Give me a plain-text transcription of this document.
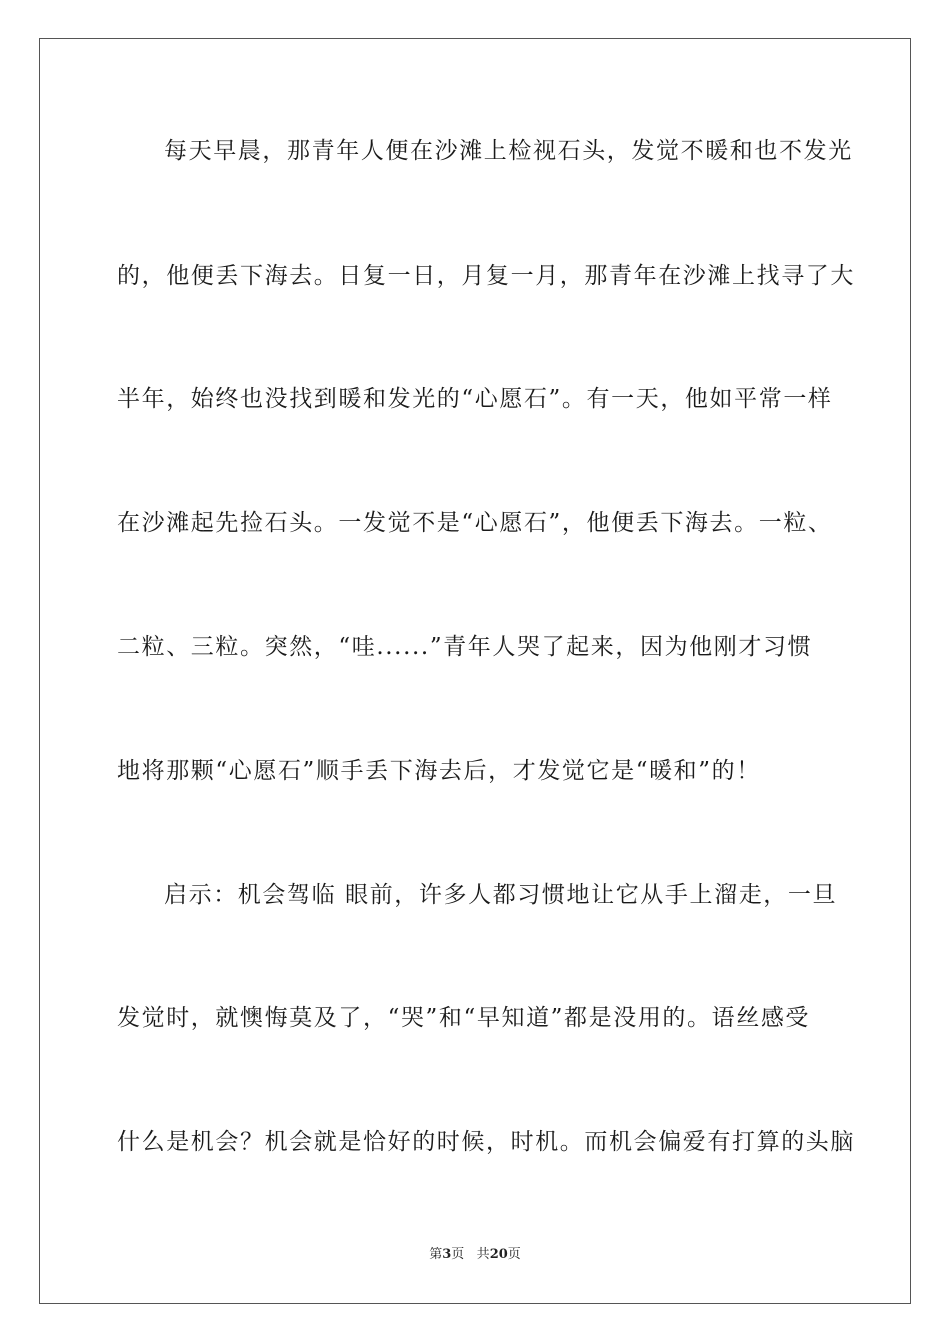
每天早晨，那青年人便在沙滩上检视石头，发觉不暖和也不发光
的，他便丢下海去。日复一日，月复一月，那青年在沙滩上找寻了大
半年，始终也没找到暖和发光的“心愿石”。有一天，他如平常一样
在沙滩起先捡石头。一发觉不是“心愿石”，他便丢下海去。一粒、
二粒、三粒。突然，“哇......”青年人哭了起来，因为他刚才习惯
地将那颗“心愿石”顺手丢下海去后，才发觉它是“暖和”的！
启示：机会驾临 眼前，许多人都习惯地让它从手上溜走，一旦
发觉时，就懊悔莫及了，“哭”和“早知道”都是没用的。语丝感受
什么是机会？机会就是恰好的时候，时机。而机会偏爱有打算的头脑
第3页 共20页
